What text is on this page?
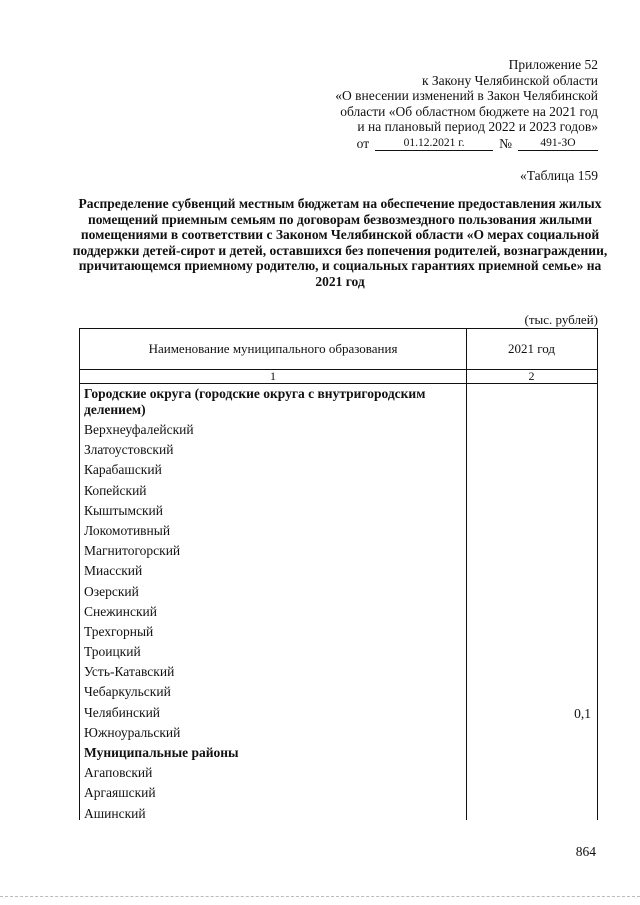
Приложение 52
к Закону Челябинской области
«О внесении изменений в Закон Челябинской
области «Об областном бюджете на 2021 год
и на плановый период 2022 и 2023 годов»
от	01.12.2021 г.	№	491-ЗО
«Таблица 159
Распределение субвенций местным бюджетам на обеспечение предоставления жилых помещений приемным семьям по договорам безвозмездного пользования жилыми помещениями в соответствии с Законом Челябинской области «О мерах социальной поддержки детей-сирот и детей, оставшихся без попечения родителей, вознаграждении, причитающемся приемному родителю, и социальных гарантиях приемной семье» на 2021 год
(тыс. рублей)
Наименование муниципального образования	2021 год
1	2
Городские округа (городские округа с внутригородским делением)
Верхнеуфалейский
Златоустовский
Карабашский
Копейский
Кыштымский
Локомотивный
Магнитогорский
Миасский
Озерский
Снежинский
Трехгорный
Троицкий
Усть-Катавский
Чебаркульский
Челябинский	0,1
Южноуральский
Муниципальные районы
Агаповский
Аргаяшский
Ашинский
864
